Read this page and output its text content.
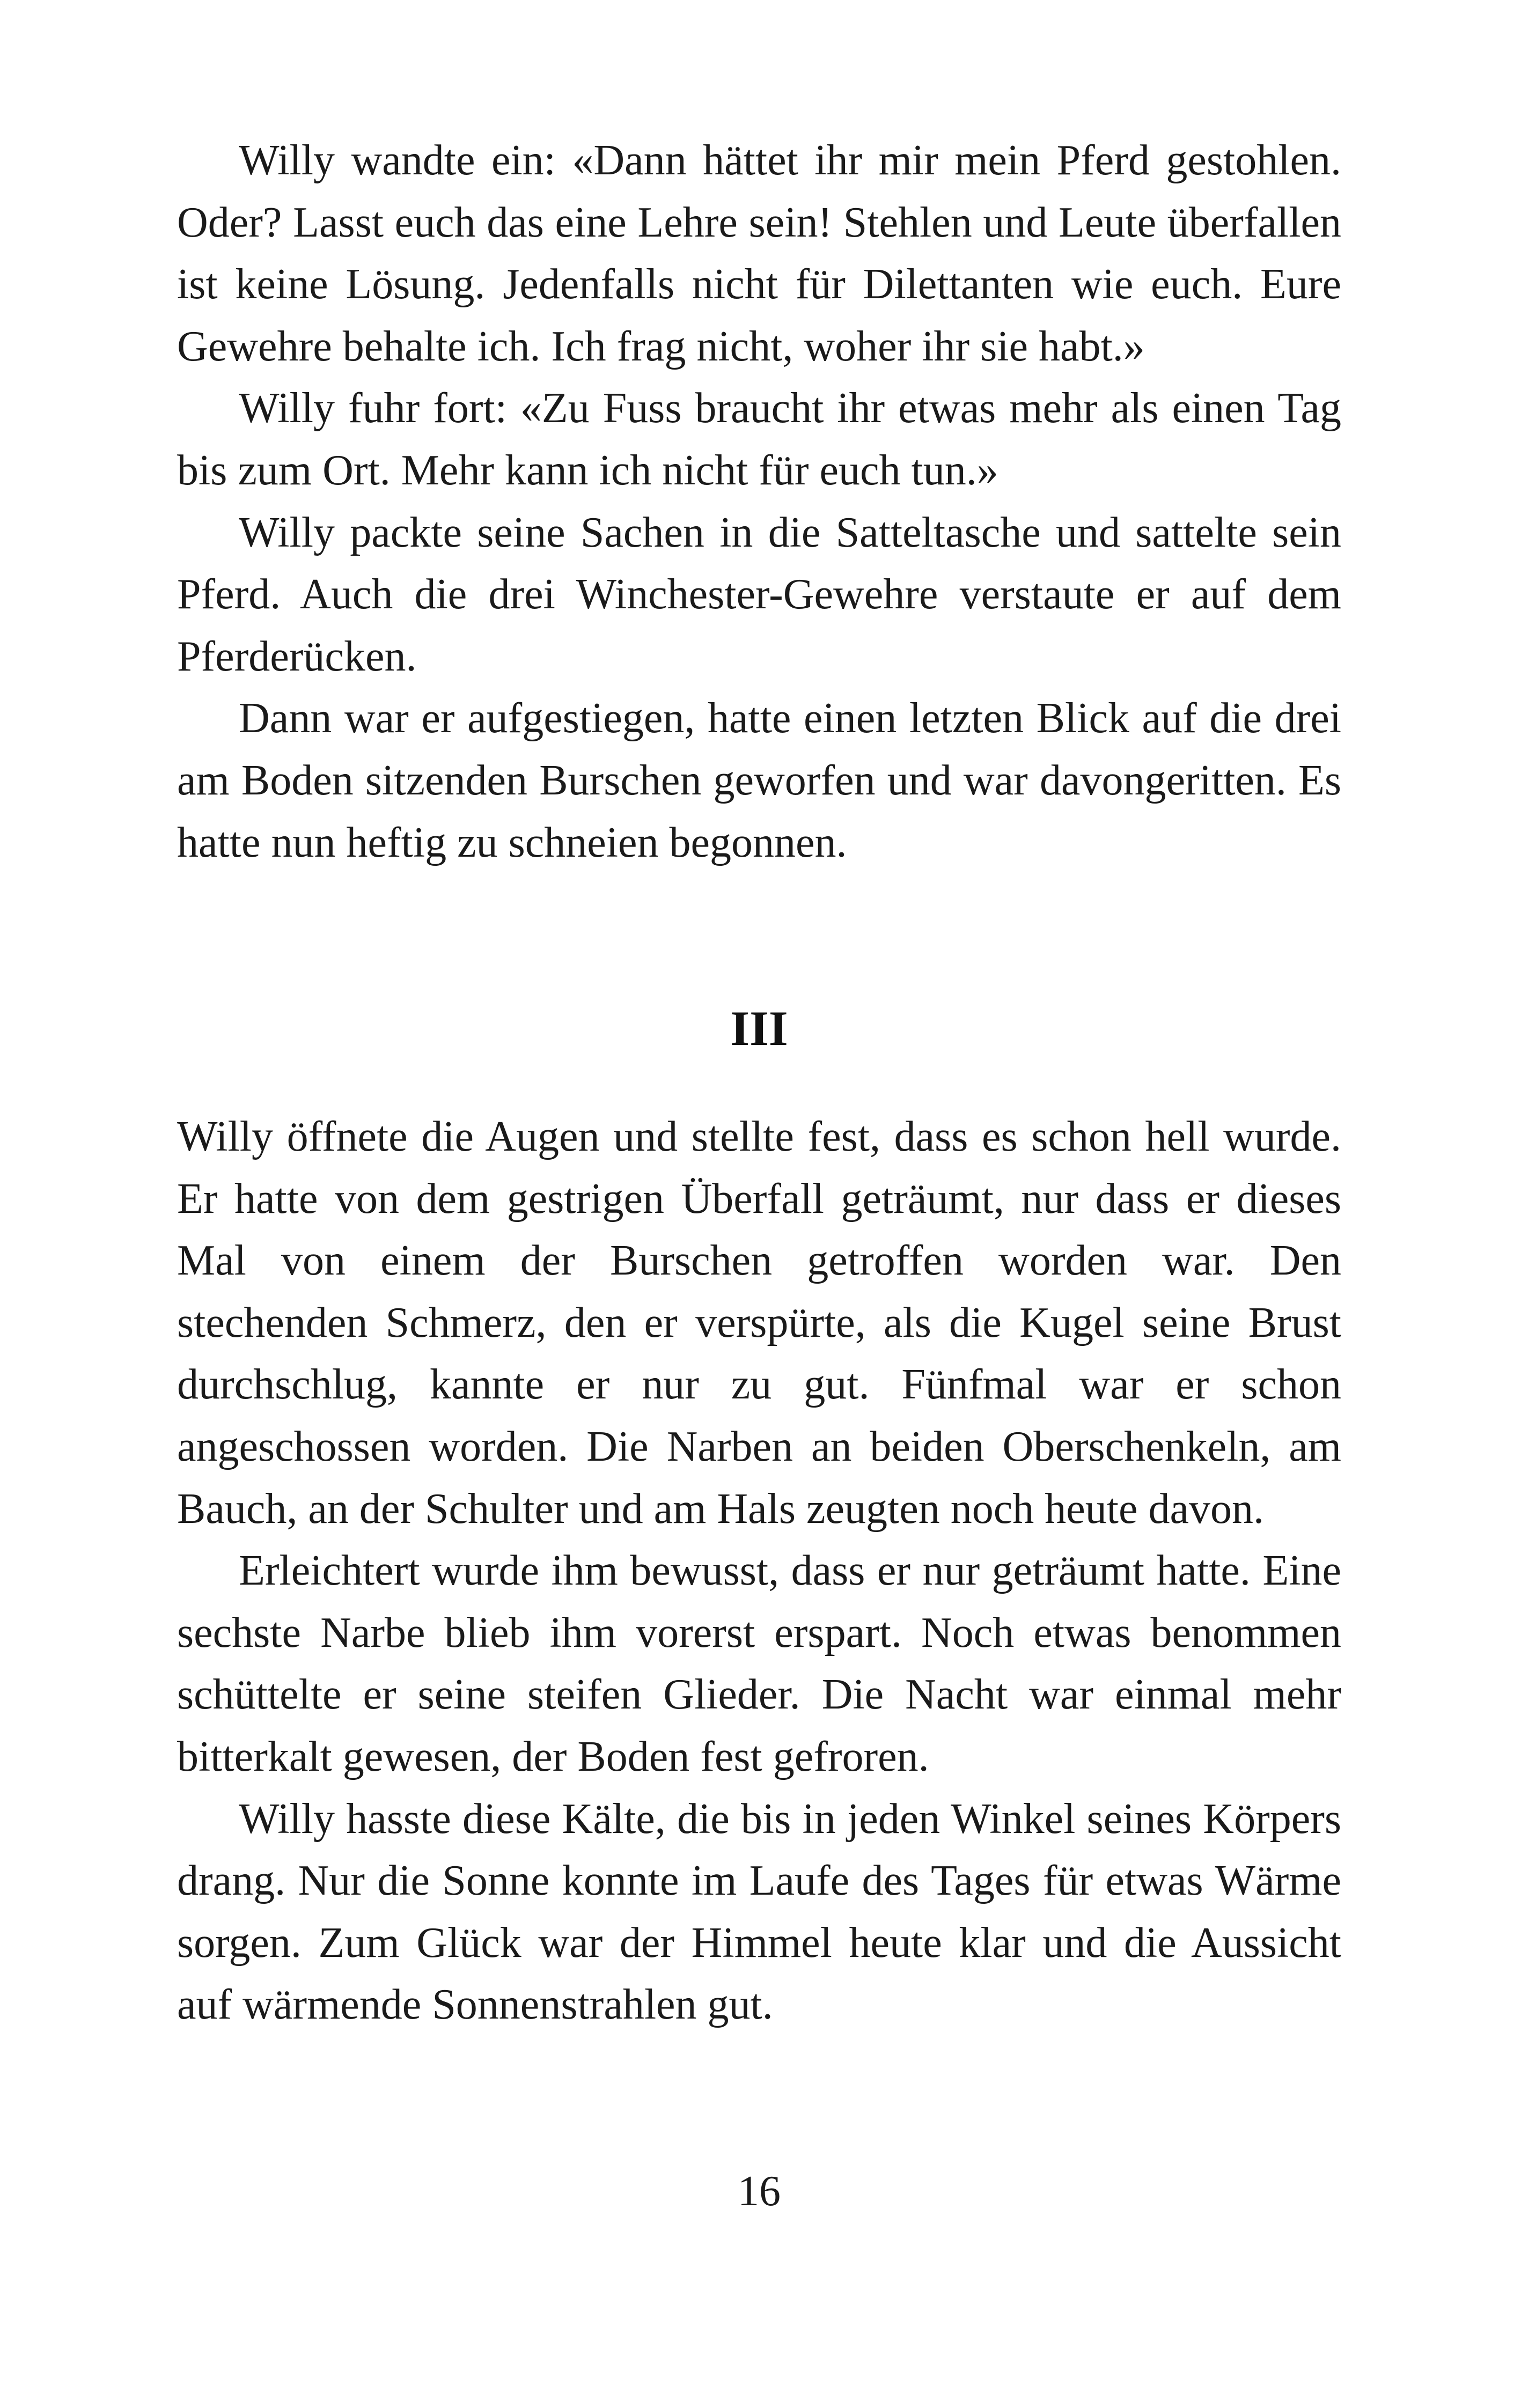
Willy wandte ein: «Dann hättet ihr mir mein Pferd gestohlen. Oder? Lasst euch das eine Lehre sein! Stehlen und Leute überfallen ist keine Lösung. Jedenfalls nicht für Dilettanten wie euch. Eure Gewehre behalte ich. Ich frag nicht, woher ihr sie habt.»

Willy fuhr fort: «Zu Fuss braucht ihr etwas mehr als einen Tag bis zum Ort. Mehr kann ich nicht für euch tun.»

Willy packte seine Sachen in die Satteltasche und sattelte sein Pferd. Auch die drei Winchester-Gewehre verstaute er auf dem Pferderücken.

Dann war er aufgestiegen, hatte einen letzten Blick auf die drei am Boden sitzenden Burschen geworfen und war davongeritten. Es hatte nun heftig zu schneien begonnen.

III

Willy öffnete die Augen und stellte fest, dass es schon hell wurde. Er hatte von dem gestrigen Überfall geträumt, nur dass er dieses Mal von einem der Burschen getroffen worden war. Den stechenden Schmerz, den er verspürte, als die Kugel seine Brust durchschlug, kannte er nur zu gut. Fünfmal war er schon angeschossen worden. Die Narben an beiden Oberschenkeln, am Bauch, an der Schulter und am Hals zeugten noch heute davon.

Erleichtert wurde ihm bewusst, dass er nur geträumt hatte. Eine sechste Narbe blieb ihm vorerst erspart. Noch etwas benommen schüttelte er seine steifen Glieder. Die Nacht war einmal mehr bitterkalt gewesen, der Boden fest gefroren.

Willy hasste diese Kälte, die bis in jeden Winkel seines Körpers drang. Nur die Sonne konnte im Laufe des Tages für etwas Wärme sorgen. Zum Glück war der Himmel heute klar und die Aussicht auf wärmende Sonnenstrahlen gut.

16
